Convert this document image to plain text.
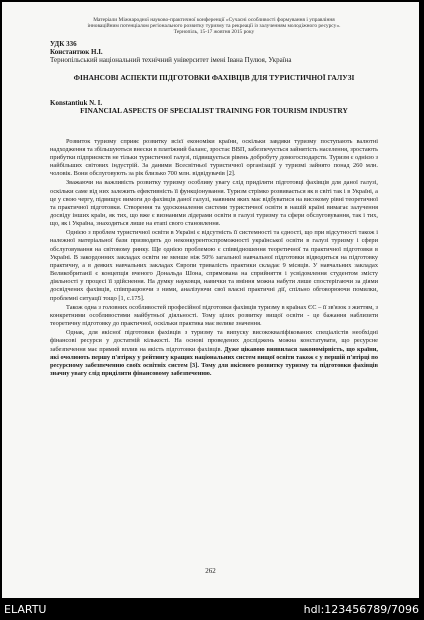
Матеріали Міжнародної науково-практичної конференції «Сучасні особливості формування і управління
інноваційним потенціалом регіонального розвитку туризму та рекреації із залученням молодіжного ресурсу».
Тернопіль, 15-17 жовтня 2015 року
УДК 336
Константюк Н.І.
Тернопільський національний технічний університет імені Івана Пулюя, Україна
ФІНАНСОВІ АСПЕКТИ ПІДГОТОВКИ ФАХІВЦІВ ДЛЯ ТУРИСТИЧНОЇ ГАЛУЗІ
Konstantiuk N. I.
FINANCIAL ASPECTS OF SPECIALIST TRAINING FOR TOURISM INDUSTRY

Розвиток туризму сприяє розвитку всієї економіки країни, оскільки завдяки туризму поступають валютні надходження та збільшуються внески в платіжний баланс, зростає ВВП, забезпечується зайнятість населення, зростають прибутки підприємств не тільки туристичної галузі, підвищується рівень добробуту домогосподарств. Туризм є однією з найбільших світових індустрій. За даними Всесвітньої туристичної організації у туризмі зайнято понад 260 млн. чоловік. Вони обслуговують за рік близько 700 млн. відвідувачів [2].

Зважаючи на важливість розвитку туризму особливу увагу слід приділяти підготовці фахівців для даної галузі, оскільки саме від них залежить ефективність її функціонування. Туризм стрімко розвивається як в світі так і в Україні, а це у свою чергу, підвищує вимоги до фахівців даної галузі, наявним яких має відбуватися на високому рівні теоретичної та практичної підготовки. Створення та удосконалення системи туристичної освіти в нашій країні вимагає залучення досвіду інших країн, як тих, що вже є визнаними лідерами освіти в галузі туризму та сфери обслуговування, так і тих, що, як і Україна, знаходяться лише на етапі свого становлення.

Однією з проблем туристичної освіти в Україні є відсутність її системності та єдності, що при відсутності також і належної матеріальної бази призводить до неконкурентоспроможності української освіти в галузі туризму і сфери обслуговування на світовому ринку. Ще однією проблемою є співвідношення теоретичної та практичної підготовки в Україні. В закордонних закладах освіти не менше ніж 50% загальної навчальної підготовки відводиться на підготовку практичну, а в деяких навчальних закладах Європи тривалість практики складає 9 місяців. У навчальних закладах Великобританії є концепція вченого Дональда Шона, спрямована на сприйняття і усвідомлення студентом змісту діяльності у процесі її здійснення. На думку науковця, навички та вміння можна набути лише спостерігаючи за діями досвідчених фахівців, співпрацюючи з ними, аналізуючи свої власні практичні дії, спільно обговорюючи помилки, проблемні ситуації тощо [1, с.175].

Також одна з головних особливостей професійної підготовки фахівців туризму в країнах ЄС – її зв'язок з життям, з конкретними особливостями майбутньої діяльності. Тому цілих розвитку вищої освіти - це бажання наблизити теоретичну підготовку до практичної, оскільки практика має велике значення.

Однак, для якісної підготовки фахівців з туризму та випуску висококваліфікованих спеціалістів необхідні фінансові ресурси у достатній кількості. На основі проведених досліджень можна констатувати, що ресурсне забезпечення має прямий вплив на якість підготовки фахівців. Дуже цікавою виявилася закономірність, що країни, які очолюють першу п'ятірку у рейтингу кращих національних систем вищої освіти також є у першій п'ятірці по ресурсному забезпеченню своїх освітніх систем [3]. Тому для якісного розвитку туризму та підготовки фахівців значну увагу слід приділити фінансовому забезпеченню.

262
ELARTU	hdl:123456789/7096
